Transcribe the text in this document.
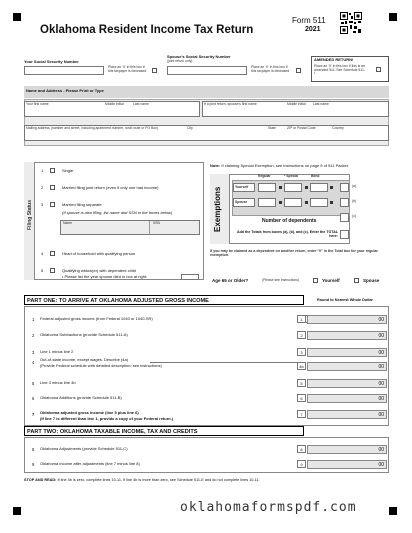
Oklahoma Resident Income Tax Return
Form 511
2021
Your Social Security Number
Place an ‘X’ in this box if this taxpayer is deceased
Spouse’s Social Security Number
(joint return only)
Place an ‘X’ in this box if this taxpayer is deceased
AMENDED RETURN!
Place an ‘X’ in this box if this is an amended 511. See Schedule 511-I.
Name and Address - Please Print or Type
Your first name	Middle initial	Last name	If a joint return, spouse’s first name	Middle initial Last name
Mailing address (number and street, including apartment number, rural route or PO Box)	City	State	ZIP or Postal Code	Country
Filing Status
1	Single
2	Married filing joint return (even if only one had income)
3	Married filing separate
(If spouse is also filing, list name and SSN in the boxes below)
Name	SSN
4	Head of household with qualifying person
5	Qualifying widow(er) with dependent child
• Please list the year spouse died in box at right:
Note: If claiming Special Exemption, see instructions on page 9 of 511 Packet.
Exemptions
Regular	* Special	Blind
Yourself
Spouse
(a)
(b)
(c)
Number of dependents
Add the Totals from boxes (a), (b), and (c). Enter the TOTAL here:
If you may be claimed as a dependent on another return, enter “0” in the Total box for your regular exemption.
Age 65 or Older?	(Please see instructions)	Yourself	Spouse
PART ONE: TO ARRIVE AT OKLAHOMA ADJUSTED GROSS INCOME	Round to Nearest Whole Dollar
1 Federal adjusted gross income (from Federal 1040 or 1040-SR)	00
2 Oklahoma Subtractions (provide Schedule 511-A)	00
3 Line 1 minus line 2	00
4
Out-of-state income, except wages. Describe (4a)
(Provide Federal schedule with detailed description; see instructions)	00
5 Line 3 minus line 4b	00
6 Oklahoma Additions (provide Schedule 511-B)	00
7 Oklahoma adjusted gross income (line 5 plus line 6)
(If line 7 is different than line 1, provide a copy of your Federal return.)
00
PART TWO: OKLAHOMA TAXABLE INCOME, TAX AND CREDITS
8 Oklahoma Adjustments (provide Schedule 511-C)	00
9 Oklahoma income after adjustments (line 7 minus line 8)	00
2
3
4b
5
6
7
8
9
1
STOP AND READ: If line 4b is zero, complete lines 10-11. If line 4b is more than zero, see Schedule 511-E and do not complete lines 10-11.
oklahomaformspdf.com
